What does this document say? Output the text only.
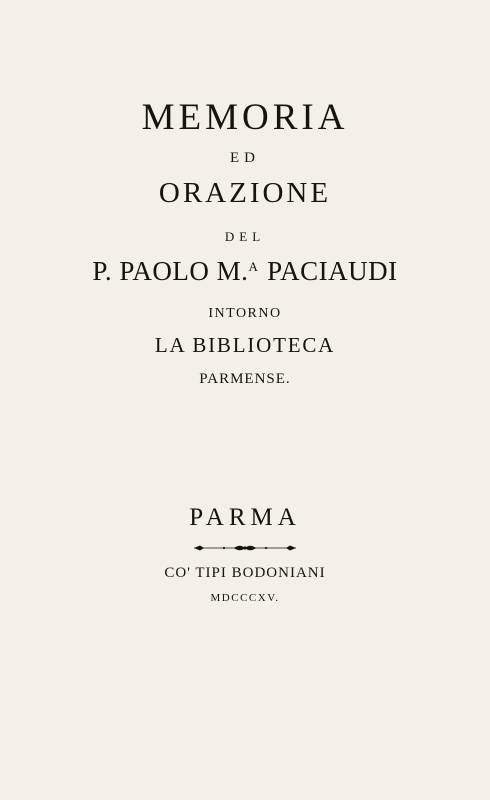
MEMORIA
ED
ORAZIONE
DEL
P. PAOLO M.$^A$ PACIAUDI
INTORNO
LA BIBLIOTECA
PARMENSE.
PARMA
CO' TIPI BODONIANI
MDCCCXV.
